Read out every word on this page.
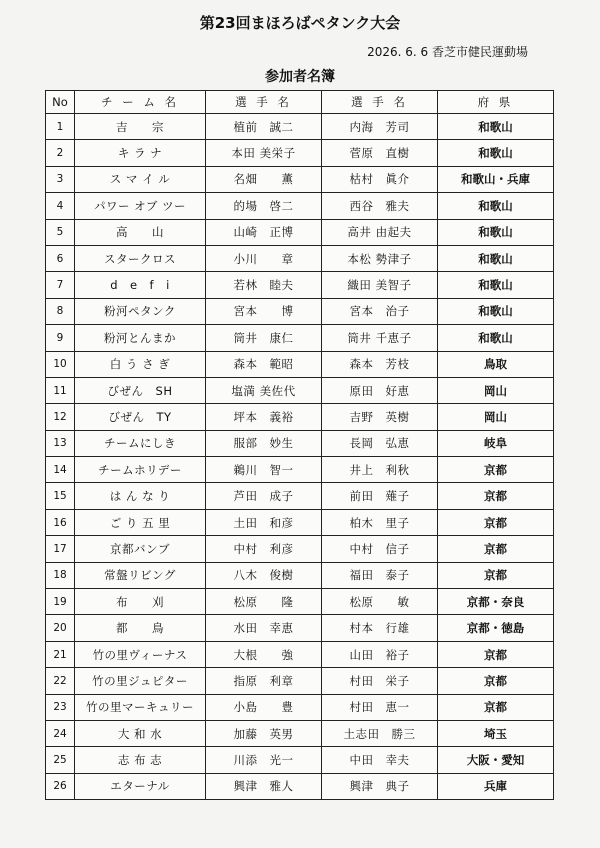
第23回まほろばペタンク大会
2026. 6. 6 香芝市健民運動場
参加者名簿
No	チ ー ム 名	選 手 名	選 手 名	府 県
1	吉　　宗	植前　誠二	内海　芳司	和歌山
2	キ ラ ナ	本田 美栄子	菅原　直樹	和歌山
3	ス マ イ ル	名畑　　薫	枯村　眞介	和歌山・兵庫
4	パワー オブ ツー	的場　啓二	西谷　雅夫	和歌山
5	高　　山	山崎　正博	高井 由起夫	和歌山
6	スタークロス	小川　　章	本松 勢津子	和歌山
7	d　e　f　i	若林　睦夫	織田 美智子	和歌山
8	粉河ペタンク	宮本　　博	宮本　治子	和歌山
9	粉河とんまか	筒井　康仁	筒井 千恵子	和歌山
10	白 う さ ぎ	森本　範昭	森本　芳枝	鳥取
11	びぜん　SH	塩満 美佐代	原田　好恵	岡山
12	びぜん　TY	坪本　義裕	吉野　英樹	岡山
13	チームにしき	服部　妙生	長岡　弘恵	岐阜
14	チームホリデー	鵜川　智一	井上　利秋	京都
15	は ん な り	芦田　成子	前田　薙子	京都
16	ご り 五 里	土田　和彦	柏木　里子	京都
17	京都バンブ	中村　利彦	中村　信子	京都
18	常盤リビング	八木　俊樹	福田　泰子	京都
19	布　　刈	松原　　隆	松原　　敏	京都・奈良
20	都　　鳥	水田　幸恵	村本　行雄	京都・徳島
21	竹の里ヴィーナス	大根　　強	山田　裕子	京都
22	竹の里ジュピター	指原　利章	村田　栄子	京都
23	竹の里マーキュリー	小島　　豊	村田　恵一	京都
24	大 和 水	加藤　英男	土志田　勝三	埼玉
25	志 布 志	川添　光一	中田　幸夫	大阪・愛知
26	エターナル	興津　雅人	興津　典子	兵庫
